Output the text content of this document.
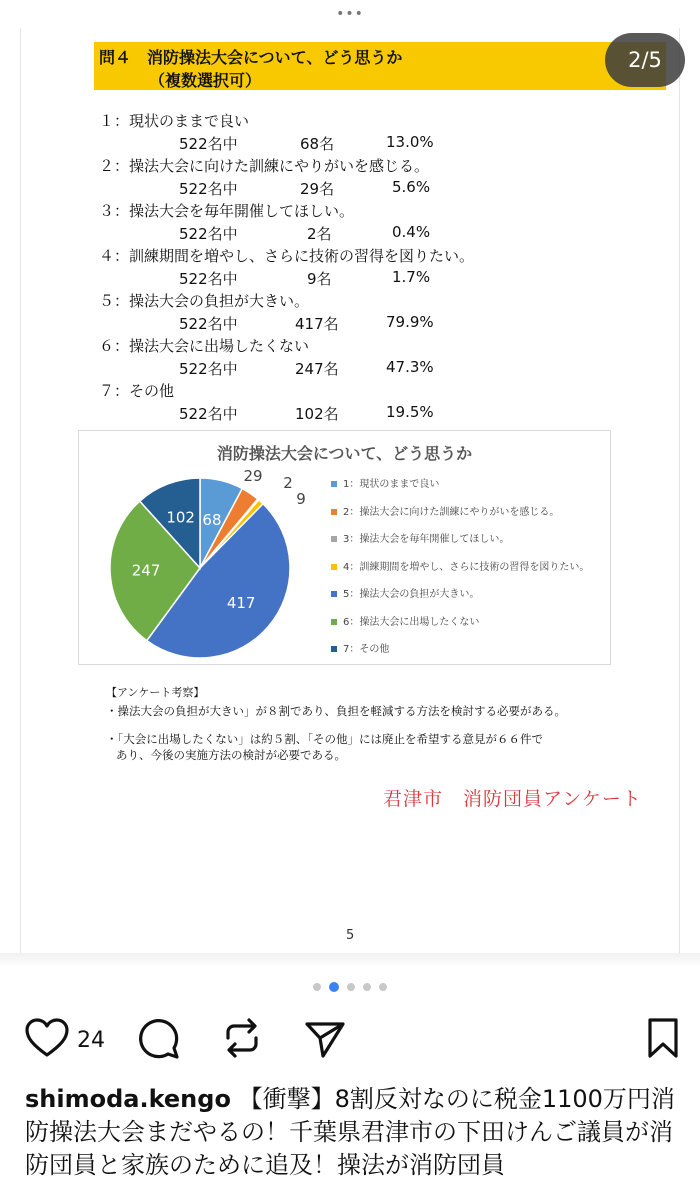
•••
問４　消防操法大会について、どう思うか
（複数選択可）
１：現状のままで良い
522名中	68名	13.0%
２：操法大会に向けた訓練にやりがいを感じる。
522名中	29名	5.6%
３：操法大会を毎年開催してほしい。
522名中	2名	0.4%
４：訓練期間を増やし、さらに技術の習得を図りたい。
522名中	9名	1.7%
５：操法大会の負担が大きい。
522名中	417名	79.9%
６：操法大会に出場したくない
522名中	247名	47.3%
７：その他
522名中	102名	19.5%
消防操法大会について、どう思うか
68
29 2
9
417
247
102
1：現状のままで良い
2：操法大会に向けた訓練にやりがいを感じる。
3：操法大会を毎年開催してほしい。
4：訓練期間を増やし、さらに技術の習得を図りたい。
5：操法大会の負担が大きい。
6：操法大会に出場したくない
7：その他
【アンケート考察】
・操法大会の負担が大きい」が８割であり、負担を軽減する方法を検討する必要がある。
・「大会に出場したくない」は約５割、「その他」には廃止を希望する意見が６６件で
あり、今後の実施方法の検討が必要である。
君津市　消防団員アンケート
5
2/5
24
shimoda.kengo 【衝撃】8割反対なのに税金1100万円消防操法大会まだやるの！千葉県君津市の下田けんご議員が消防団員と家族のために追及！操法が消防団員
